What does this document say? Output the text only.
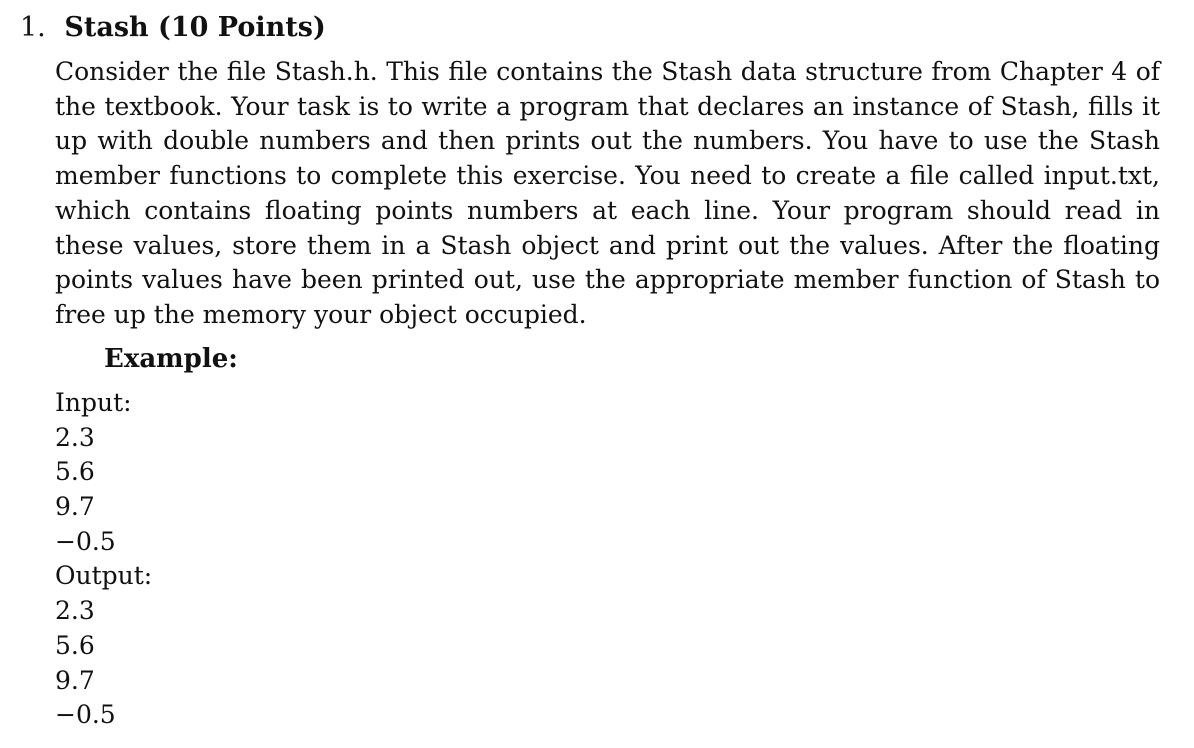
1. Stash (10 Points)
Consider the file Stash.h. This file contains the Stash data structure from Chapter 4 of the textbook. Your task is to write a program that declares an instance of Stash, fills it up with double numbers and then prints out the numbers. You have to use the Stash member functions to complete this exercise. You need to create a file called input.txt, which contains floating points numbers at each line. Your program should read in these values, store them in a Stash object and print out the values. After the floating points values have been printed out, use the appropriate member function of Stash to free up the memory your object occupied.
Example:
Input:
2.3
5.6
9.7
−0.5
Output:
2.3
5.6
9.7
−0.5
